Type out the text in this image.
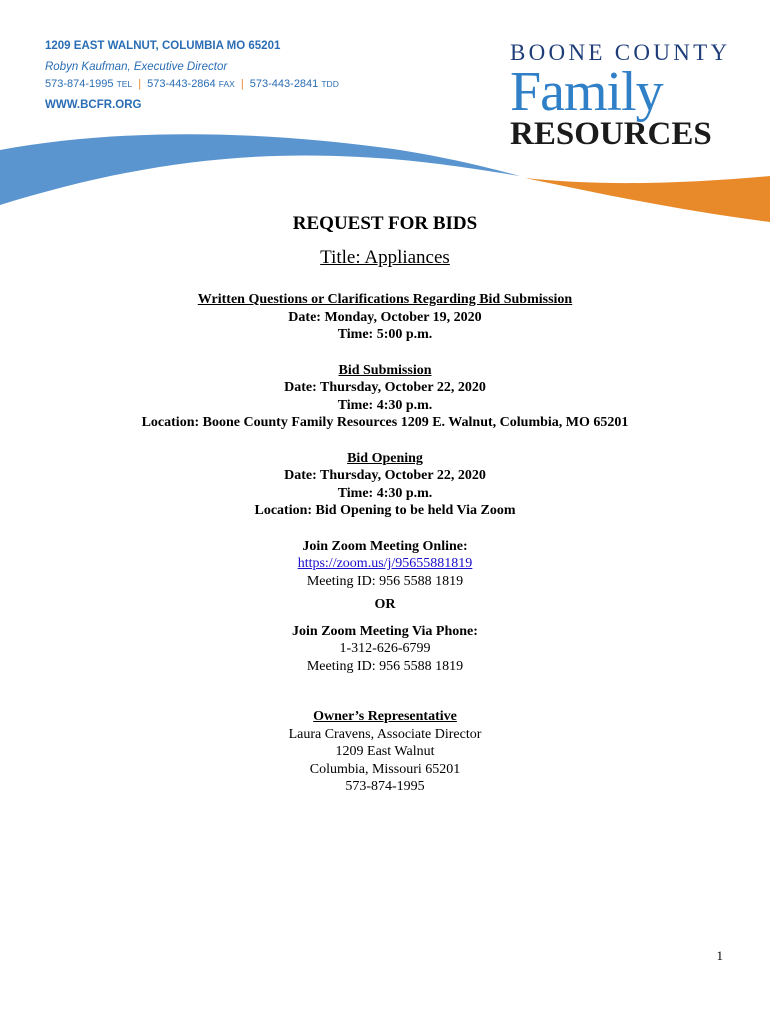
1209 EAST WALNUT, COLUMBIA MO 65201
Robyn Kaufman, Executive Director
573-874-1995 TEL | 573-443-2864 FAX | 573-443-2841 TDD
WWW.BCFR.ORG
BOONE COUNTY
Family
RESOURCES
REQUEST FOR BIDS
Title: Appliances
Written Questions or Clarifications Regarding Bid Submission
Date: Monday, October 19, 2020
Time: 5:00 p.m.
Bid Submission
Date: Thursday, October 22, 2020
Time: 4:30 p.m.
Location: Boone County Family Resources 1209 E. Walnut, Columbia, MO 65201
Bid Opening
Date: Thursday, October 22, 2020
Time: 4:30 p.m.
Location: Bid Opening to be held Via Zoom
Join Zoom Meeting Online:
https://zoom.us/j/95655881819
Meeting ID: 956 5588 1819
OR
Join Zoom Meeting Via Phone:
1-312-626-6799
Meeting ID: 956 5588 1819
Owner’s Representative
Laura Cravens, Associate Director
1209 East Walnut
Columbia, Missouri 65201
573-874-1995
1
